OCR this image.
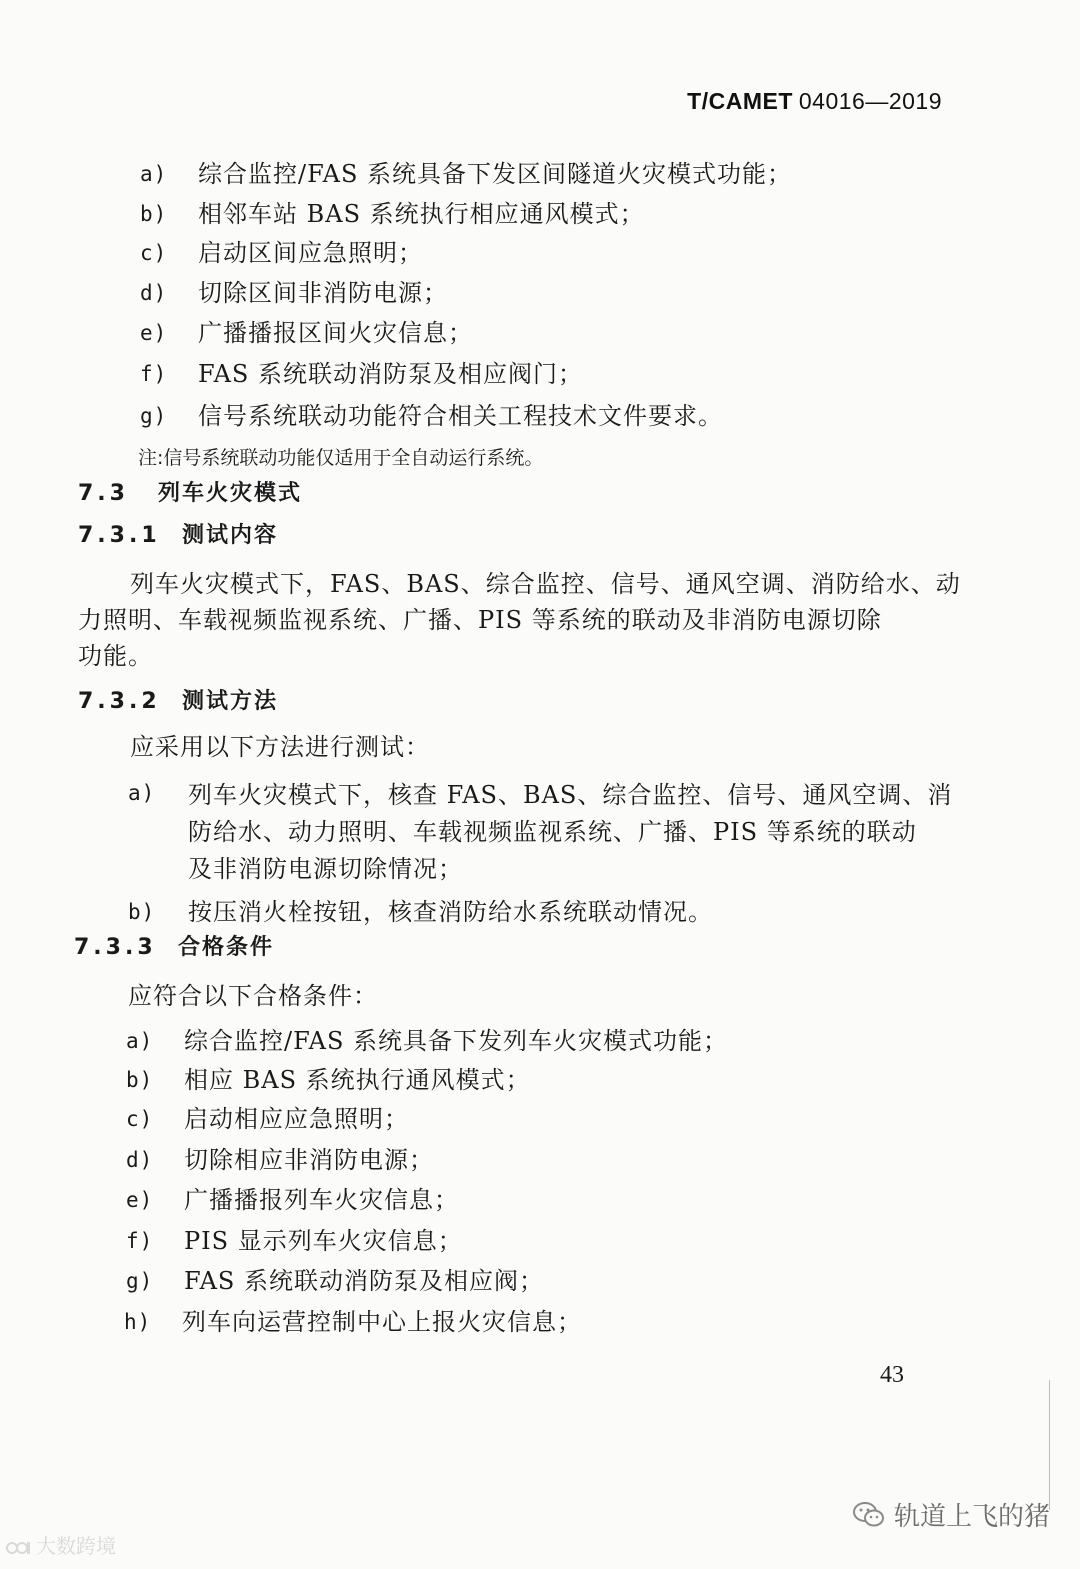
T/CAMET 04016—2019
a) 综合监控/FAS 系统具备下发区间隧道火灾模式功能；
b) 相邻车站 BAS 系统执行相应通风模式；
c) 启动区间应急照明；
d) 切除区间非消防电源；
e) 广播播报区间火灾信息；
f) FAS 系统联动消防泵及相应阀门；
g) 信号系统联动功能符合相关工程技术文件要求。
注:信号系统联动功能仅适用于全自动运行系统。
7.3 列车火灾模式
7.3.1 测试内容
列车火灾模式下，FAS、BAS、综合监控、信号、通风空调、消防给水、动
力照明、车载视频监视系统、广播、PIS 等系统的联动及非消防电源切除
功能。
7.3.2 测试方法
应采用以下方法进行测试：
a) 列车火灾模式下，核查 FAS、BAS、综合监控、信号、通风空调、消
防给水、动力照明、车载视频监视系统、广播、PIS 等系统的联动
及非消防电源切除情况；
b) 按压消火栓按钮，核查消防给水系统联动情况。
7.3.3 合格条件
应符合以下合格条件：
a) 综合监控/FAS 系统具备下发列车火灾模式功能；
b) 相应 BAS 系统执行通风模式；
c) 启动相应应急照明；
d) 切除相应非消防电源；
e) 广播播报列车火灾信息；
f) PIS 显示列车火灾信息；
g) FAS 系统联动消防泵及相应阀；
h) 列车向运营控制中心上报火灾信息；
43
大数跨境
轨道上飞的猪
